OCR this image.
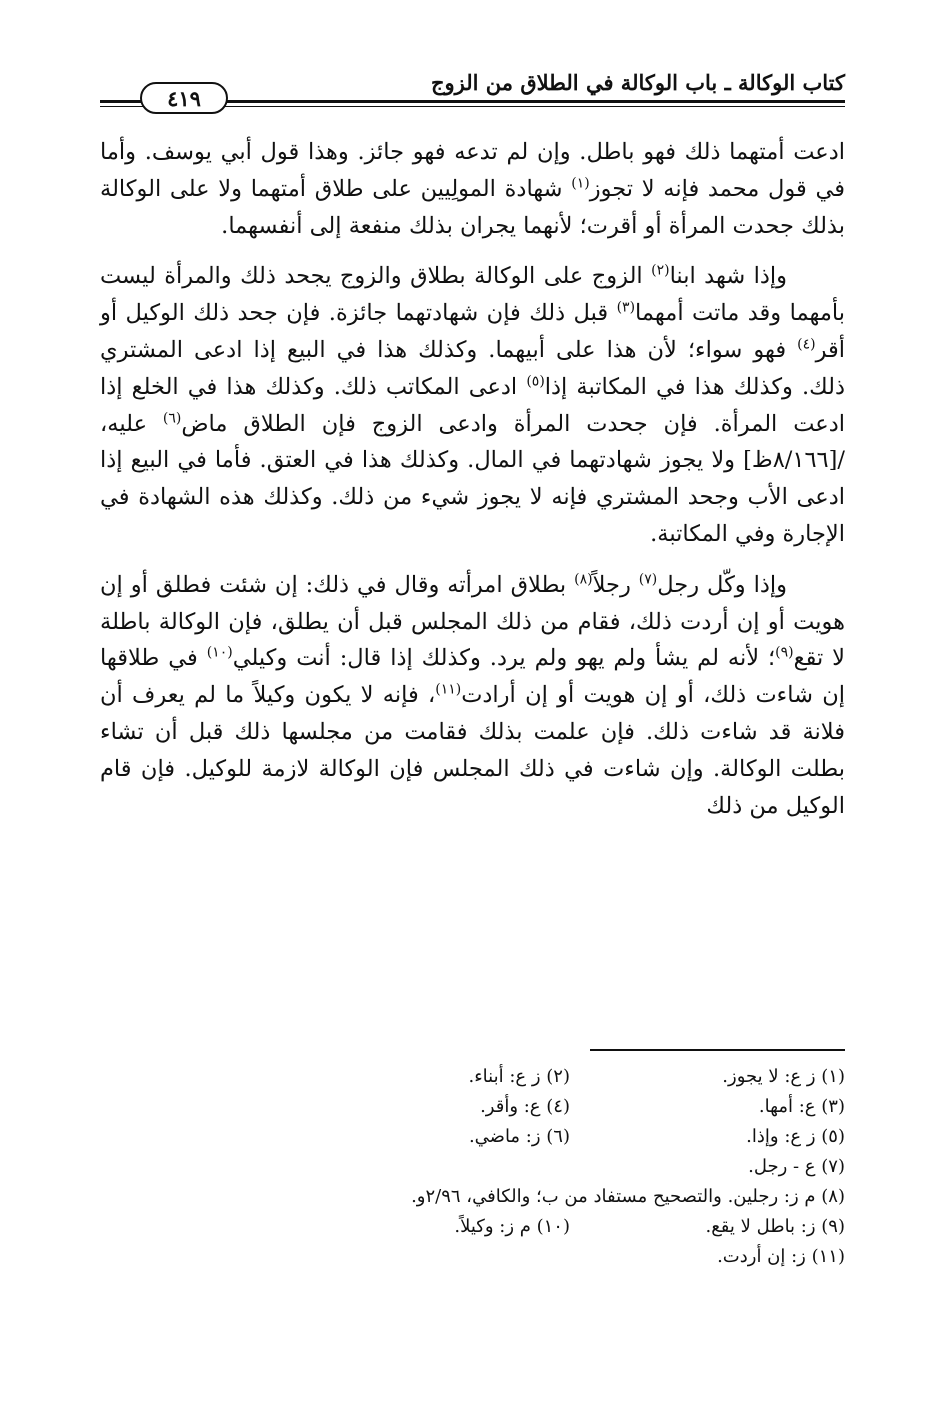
كتاب الوكالة ـ باب الوكالة في الطلاق من الزوج
٤١٩

ادعت أمتهما ذلك فهو باطل. وإن لم تدعه فهو جائز. وهذا قول أبي يوسف. وأما في قول محمد فإنه لا تجوز$^{(١)}$ شهادة المولِيين على طلاق أمتهما ولا على الوكالة بذلك جحدت المرأة أو أقرت؛ لأنهما يجران بذلك منفعة إلى أنفسهما.

وإذا شهد ابنا$^{(٢)}$ الزوج على الوكالة بطلاق والزوج يجحد ذلك والمرأة ليست بأمهما وقد ماتت أمهما$^{(٣)}$ قبل ذلك فإن شهادتهما جائزة. فإن جحد ذلك الوكيل أو أقر$^{(٤)}$ فهو سواء؛ لأن هذا على أبيهما. وكذلك هذا في البيع إذا ادعى المشتري ذلك. وكذلك هذا في المكاتبة إذا$^{(٥)}$ ادعى المكاتب ذلك. وكذلك هذا في الخلع إذا ادعت المرأة. فإن جحدت المرأة وادعى الزوج فإن الطلاق ماض$^{(٦)}$ عليه، /[٨/١٦٦ظ] ولا يجوز شهادتهما في المال. وكذلك هذا في العتق. فأما في البيع إذا ادعى الأب وجحد المشتري فإنه لا يجوز شيء من ذلك. وكذلك هذه الشهادة في الإجارة وفي المكاتبة.

وإذا وكّل رجل$^{(٧)}$ رجلاً$^{(٨)}$ بطلاق امرأته وقال في ذلك: إن شئت فطلق أو إن هويت أو إن أردت ذلك، فقام من ذلك المجلس قبل أن يطلق، فإن الوكالة باطلة لا تقع$^{(٩)}$؛ لأنه لم يشأ ولم يهو ولم يرد. وكذلك إذا قال: أنت وكيلي$^{(١٠)}$ في طلاقها إن شاءت ذلك، أو إن هويت أو إن أرادت$^{(١١)}$، فإنه لا يكون وكيلاً ما لم يعرف أن فلانة قد شاءت ذلك. فإن علمت بذلك فقامت من مجلسها ذلك قبل أن تشاء بطلت الوكالة. وإن شاءت في ذلك المجلس فإن الوكالة لازمة للوكيل. فإن قام الوكيل من ذلك

(١) ز ع: لا يجوز.
(٢) ز ع: أبناء.
(٣) ع: أمها.
(٤) ع: وأقر.
(٥) ز ع: وإذا.
(٦) ز: ماضي.
(٧) ع - رجل.
(٨) م ز: رجلين. والتصحيح مستفاد من ب؛ والكافي، ٢/٩٦و.
(٩) ز: باطل لا يقع.
(١٠) م ز: وكيلاً.
(١١) ز: إن أردت.
